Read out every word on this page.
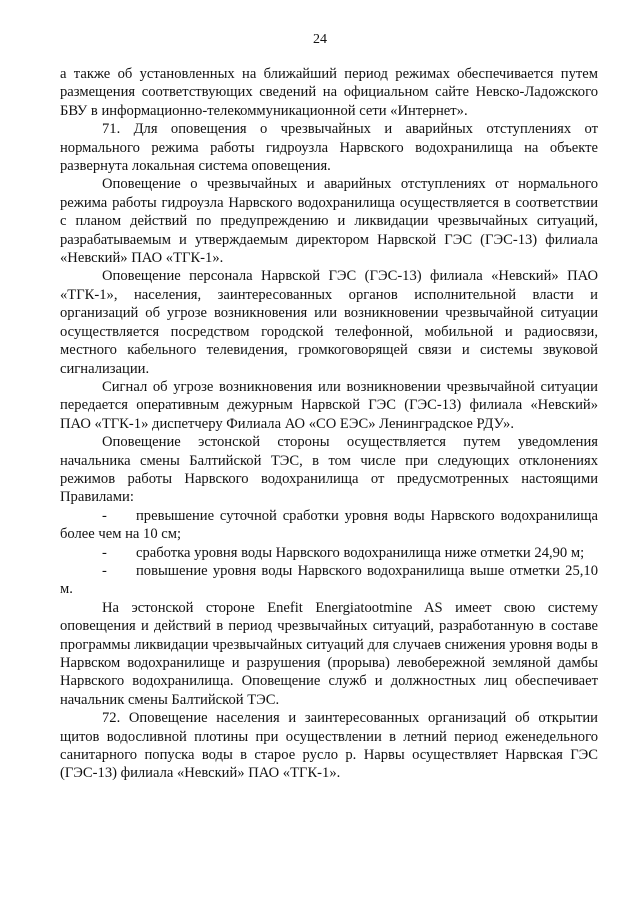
24

а также об установленных на ближайший период режимах обеспечивается путем размещения соответствующих сведений на официальном сайте Невско-Ладожского БВУ в информационно-телекоммуникационной сети «Интернет».

71. Для оповещения о чрезвычайных и аварийных отступлениях от нормального режима работы гидроузла Нарвского водохранилища на объекте развернута локальная система оповещения.

Оповещение о чрезвычайных и аварийных отступлениях от нормального режима работы гидроузла Нарвского водохранилища осуществляется в соответствии с планом действий по предупреждению и ликвидации чрезвычайных ситуаций, разрабатываемым и утверждаемым директором Нарвской ГЭС (ГЭС-13) филиала «Невский» ПАО «ТГК-1».

Оповещение персонала Нарвской ГЭС (ГЭС-13) филиала «Невский» ПАО «ТГК-1», населения, заинтересованных органов исполнительной власти и организаций об угрозе возникновения или возникновении чрезвычайной ситуации осуществляется посредством городской телефонной, мобильной и радиосвязи, местного кабельного телевидения, громкоговорящей связи и системы звуковой сигнализации.

Сигнал об угрозе возникновения или возникновении чрезвычайной ситуации передается оперативным дежурным Нарвской ГЭС (ГЭС-13) филиала «Невский» ПАО «ТГК-1» диспетчеру Филиала АО «СО ЕЭС» Ленинградское РДУ».

Оповещение эстонской стороны осуществляется путем уведомления начальника смены Балтийской ТЭС, в том числе при следующих отклонениях режимов работы Нарвского водохранилища от предусмотренных настоящими Правилами:

- превышение суточной сработки уровня воды Нарвского водохранилища более чем на 10 см;

- сработка уровня воды Нарвского водохранилища ниже отметки 24,90 м;

- повышение уровня воды Нарвского водохранилища выше отметки 25,10 м.

На эстонской стороне Enefit Energiatootmine AS имеет свою систему оповещения и действий в период чрезвычайных ситуаций, разработанную в составе программы ликвидации чрезвычайных ситуаций для случаев снижения уровня воды в Нарвском водохранилище и разрушения (прорыва) левобережной земляной дамбы Нарвского водохранилища. Оповещение служб и должностных лиц обеспечивает начальник смены Балтийской ТЭС.

72. Оповещение населения и заинтересованных организаций об открытии щитов водосливной плотины при осуществлении в летний период еженедельного санитарного попуска воды в старое русло р. Нарвы осуществляет Нарвская ГЭС (ГЭС-13) филиала «Невский» ПАО «ТГК-1».
